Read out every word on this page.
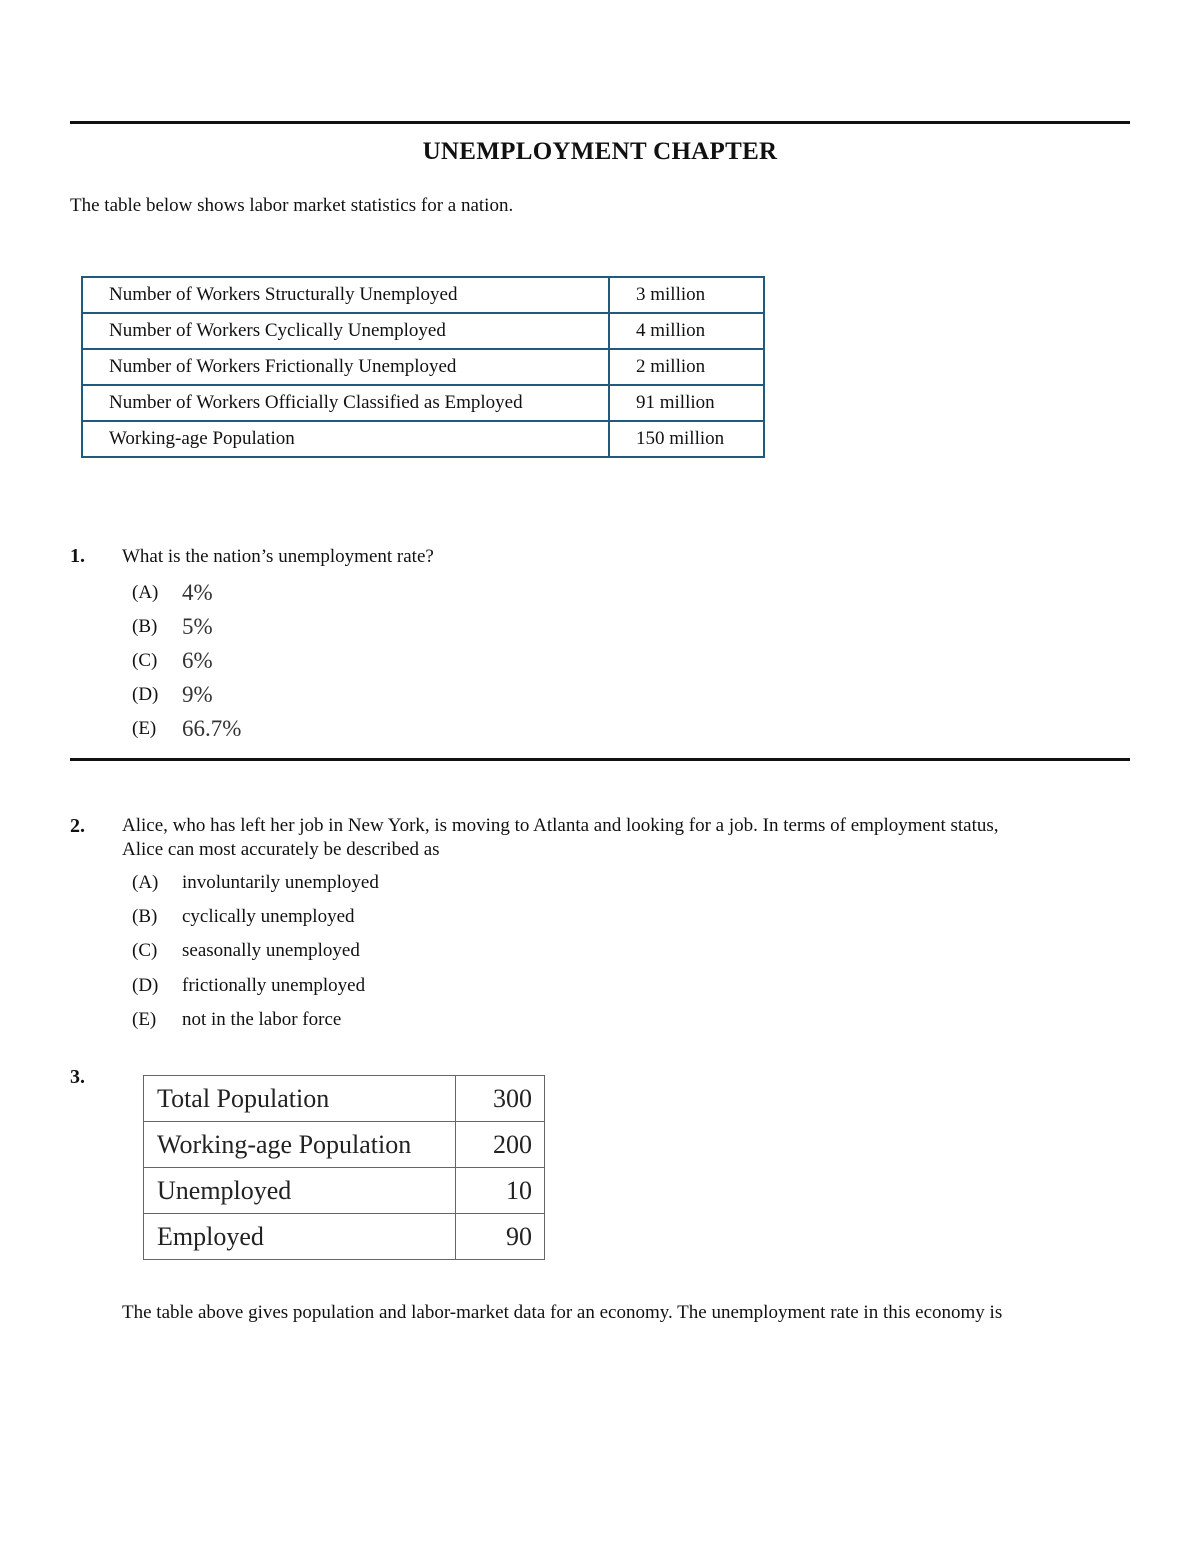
UNEMPLOYMENT CHAPTER
The table below shows labor market statistics for a nation.
Number of Workers Structurally Unemployed	3 million
Number of Workers Cyclically Unemployed	4 million
Number of Workers Frictionally Unemployed	2 million
Number of Workers Officially Classified as Employed	91 million
Working-age Population	150 million
1. What is the nation’s unemployment rate?
(A)	4%
(B)	5%
(C)	6%
(D)	9%
(E)	66.7%
2. Alice, who has left her job in New York, is moving to Atlanta and looking for a job. In terms of employment status,
Alice can most accurately be described as
(A)	involuntarily unemployed
(B)	cyclically unemployed
(C)	seasonally unemployed
(D)	frictionally unemployed
(E)	not in the labor force
3.
Total Population	300
Working-age Population	200
Unemployed	10
Employed	90
The table above gives population and labor-market data for an economy. The unemployment rate in this economy is
